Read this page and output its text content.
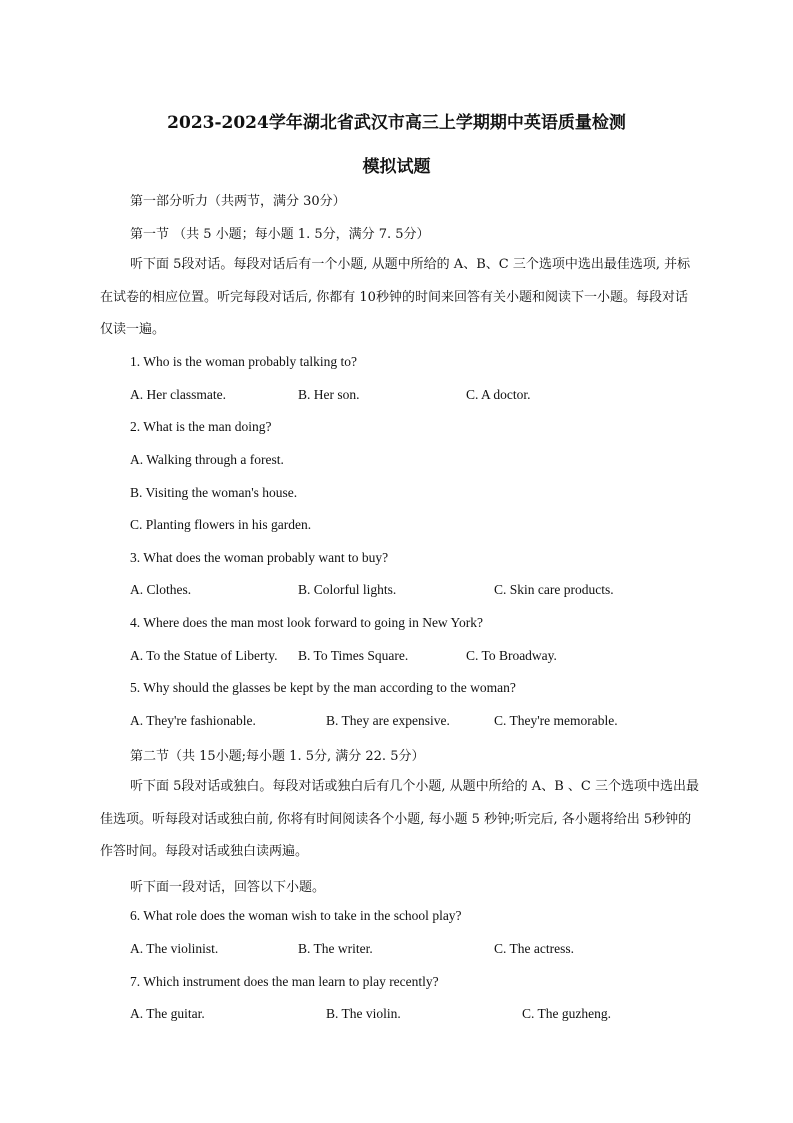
2023-2024学年湖北省武汉市高三上学期期中英语质量检测
模拟试题
第一部分听力（共两节，满分 30分）
第一节 （共 5 小题；每小题 1. 5分，满分 7. 5分）
听下面 5段对话。每段对话后有一个小题, 从题中所给的 A、B、C 三个选项中选出最佳选项, 并标在试卷的相应位置。听完每段对话后, 你都有 10秒钟的时间来回答有关小题和阅读下一小题。每段对话仅读一遍。
1. Who is the woman probably talking to?
A. Her classmate.	B. Her son.	C. A doctor.
2. What is the man doing?
A. Walking through a forest.
B. Visiting the woman's house.
C. Planting flowers in his garden.
3. What does the woman probably want to buy?
A. Clothes.	B. Colorful lights.	C. Skin care products.
4. Where does the man most look forward to going in New York?
A. To the Statue of Liberty. B. To Times Square.	C. To Broadway.
5. Why should the glasses be kept by the man according to the woman?
A. They're fashionable.	B. They are expensive.	C. They're memorable.
第二节（共 15小题;每小题 1. 5分, 满分 22. 5分）
听下面 5段对话或独白。每段对话或独白后有几个小题, 从题中所给的 A、B 、C 三个选项中选出最佳选项。听每段对话或独白前, 你将有时间阅读各个小题, 每小题 5 秒钟;听完后, 各小题将给出 5秒钟的作答时间。每段对话或独白读两遍。
听下面一段对话，回答以下小题。
6. What role does the woman wish to take in the school play?
A. The violinist.	B. The writer.	C. The actress.
7. Which instrument does the man learn to play recently?
A. The guitar.	B. The violin.	C. The guzheng.
